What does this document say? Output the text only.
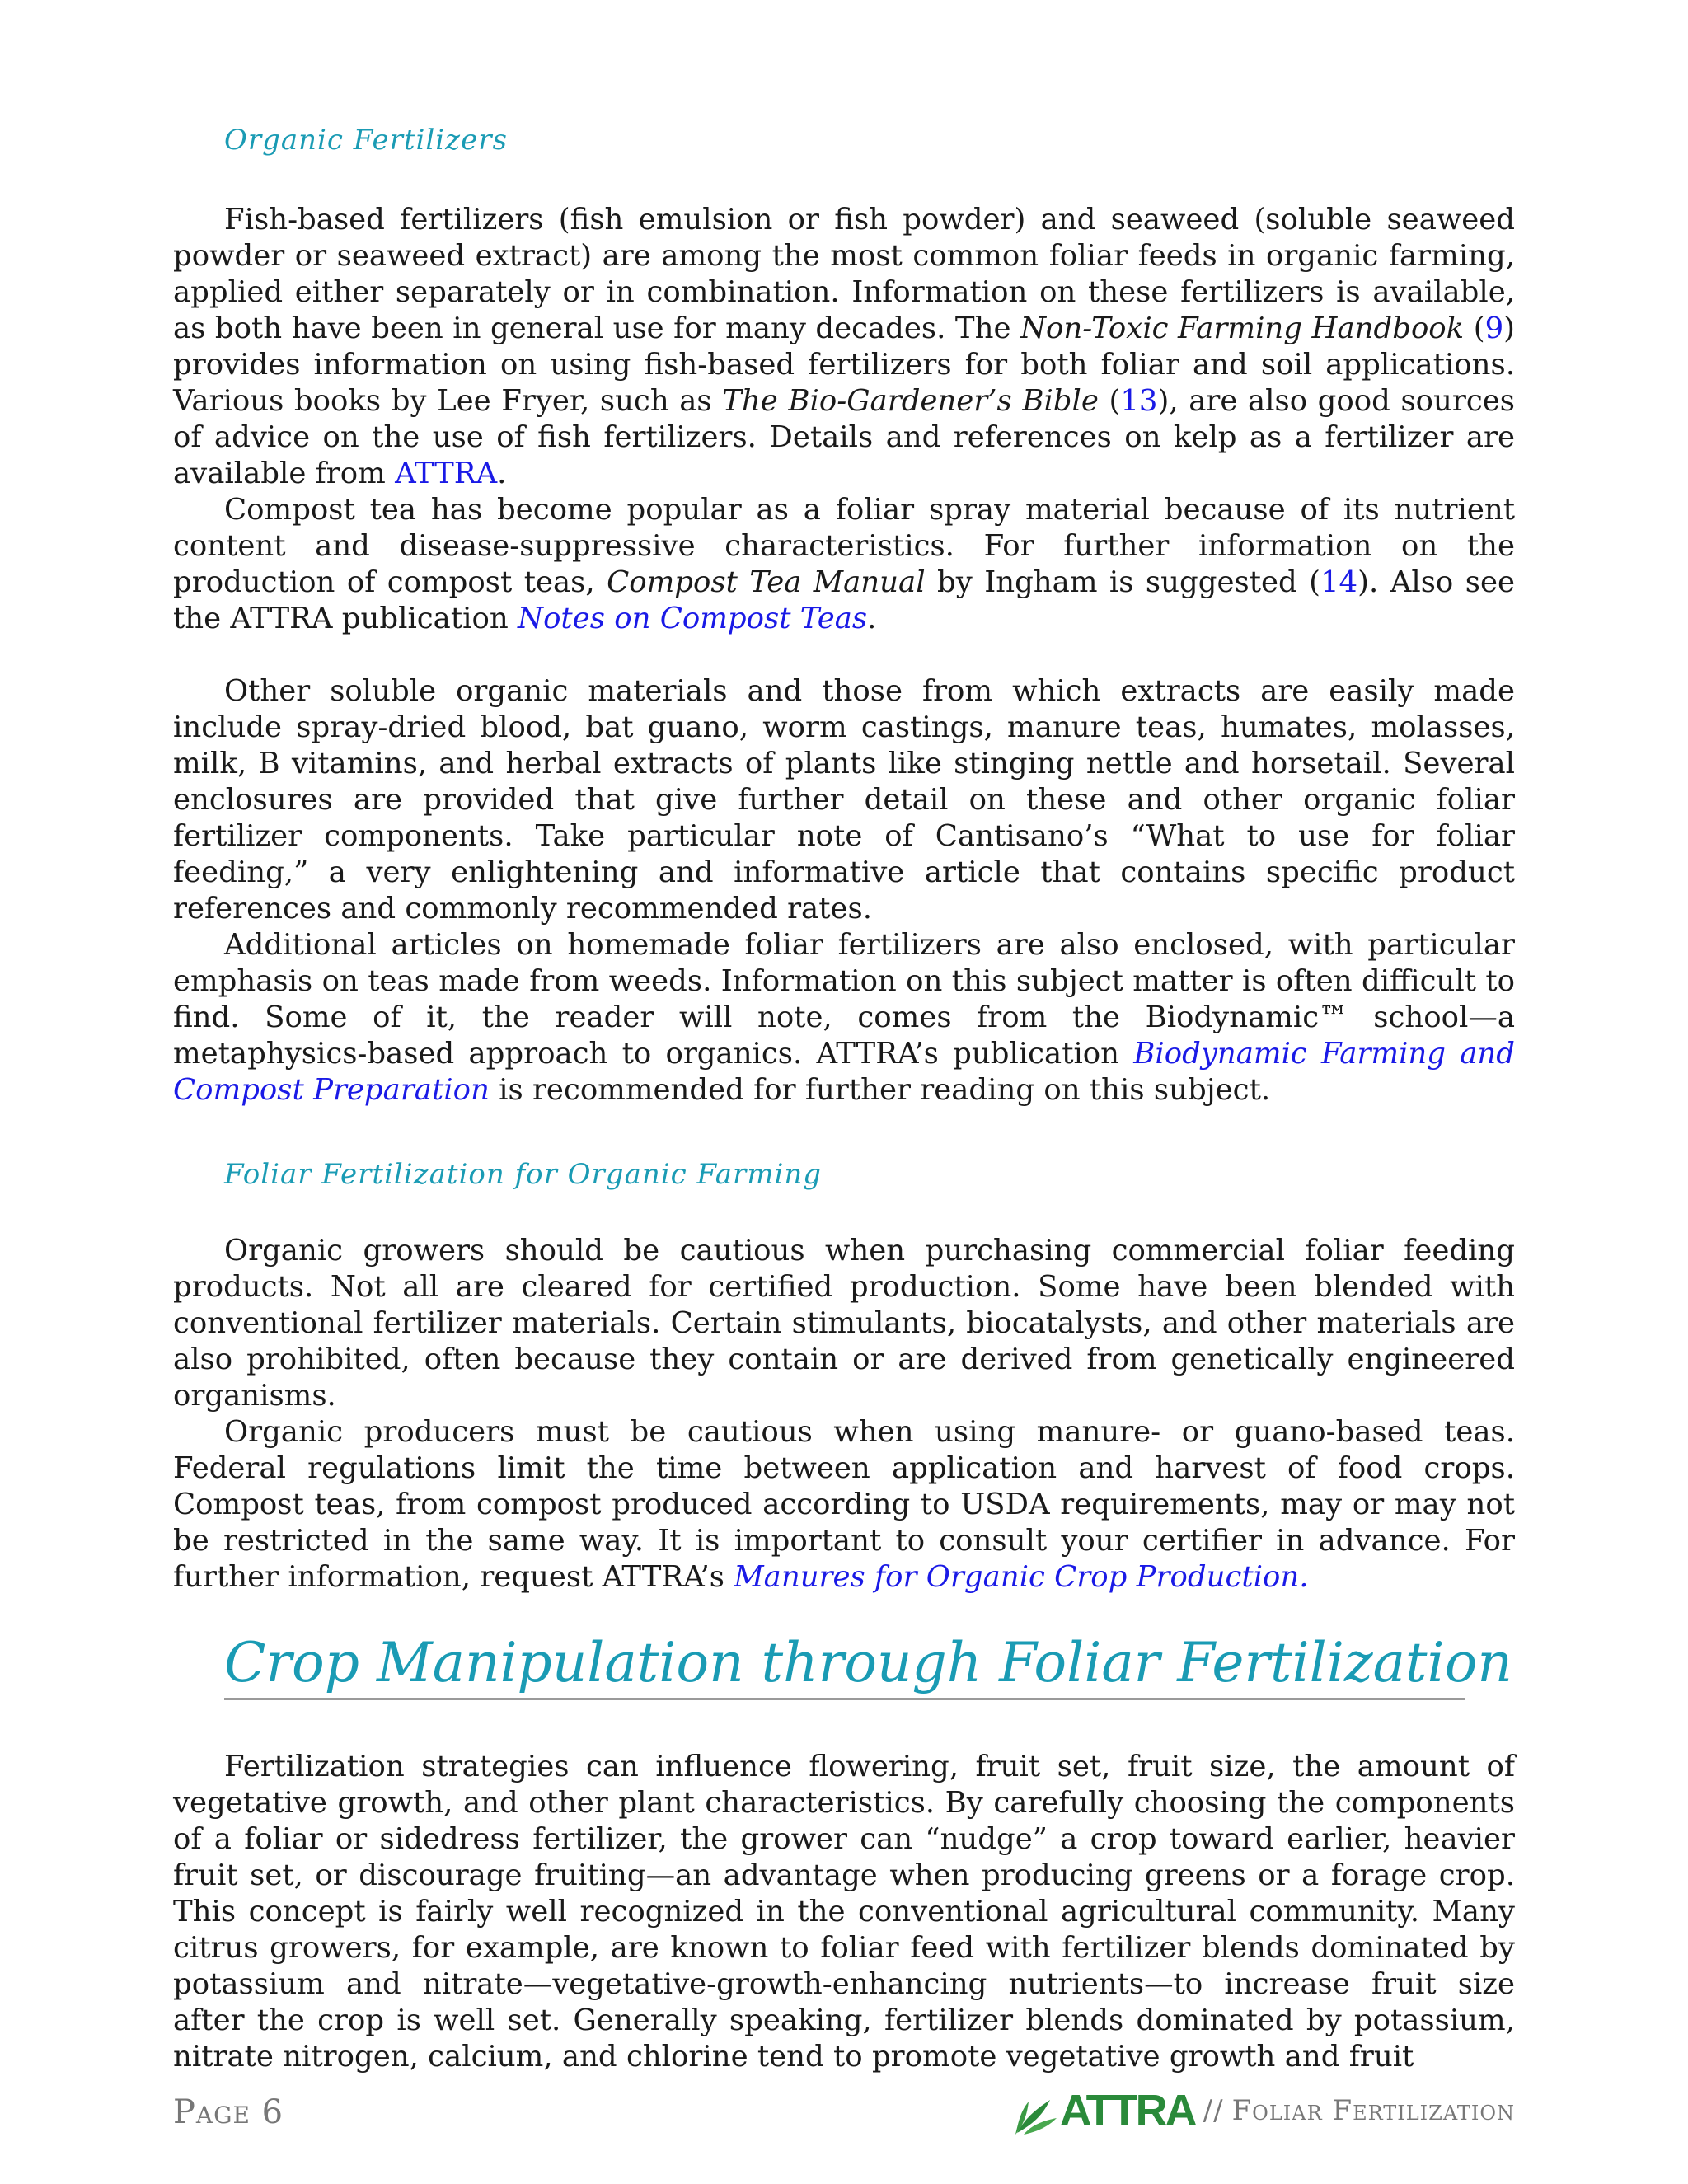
Organic Fertilizers

Fish-based fertilizers (fish emulsion or fish powder) and seaweed (soluble seaweed powder or seaweed extract) are among the most common foliar feeds in organic farming, applied either separately or in combination. Information on these fertilizers is available, as both have been in general use for many decades. The Non-Toxic Farming Handbook (9) provides information on using fish-based fertilizers for both foliar and soil applications. Various books by Lee Fryer, such as The Bio-Gardener’s Bible (13), are also good sources of advice on the use of fish fertilizers. Details and references on kelp as a fertilizer are available from ATTRA.

Compost tea has become popular as a foliar spray material because of its nutrient content and disease-suppressive characteristics. For further information on the production of compost teas, Compost Tea Manual by Ingham is suggested (14). Also see the ATTRA publication Notes on Compost Teas.

Other soluble organic materials and those from which extracts are easily made include spray-dried blood, bat guano, worm castings, manure teas, humates, molasses, milk, B vitamins, and herbal extracts of plants like stinging nettle and horsetail. Several enclosures are provided that give further detail on these and other organic foliar fertilizer components. Take particular note of Cantisano’s “What to use for foliar feeding,” a very enlightening and informative article that contains specific product references and commonly recommended rates.

Additional articles on homemade foliar fertilizers are also enclosed, with particular emphasis on teas made from weeds. Information on this subject matter is often difficult to find. Some of it, the reader will note, comes from the Biodynamic™ school—a metaphysics-based approach to organics. ATTRA’s publication Biodynamic Farming and Compost Preparation is recommended for further reading on this subject.

Foliar Fertilization for Organic Farming

Organic growers should be cautious when purchasing commercial foliar feeding products. Not all are cleared for certified production. Some have been blended with conventional fertilizer materials. Certain stimulants, biocatalysts, and other materials are also prohibited, often because they contain or are derived from genetically engineered organisms.

Organic producers must be cautious when using manure- or guano-based teas. Federal regulations limit the time between application and harvest of food crops. Compost teas, from compost produced according to USDA requirements, may or may not be restricted in the same way. It is important to consult your certifier in advance. For further information, request ATTRA’s Manures for Organic Crop Production.

Crop Manipulation through Foliar Fertilization

Fertilization strategies can influence flowering, fruit set, fruit size, the amount of vegetative growth, and other plant characteristics. By carefully choosing the components of a foliar or sidedress fertilizer, the grower can “nudge” a crop toward earlier, heavier fruit set, or discourage fruiting—an advantage when producing greens or a forage crop. This concept is fairly well recognized in the conventional agricultural community. Many citrus growers, for example, are known to foliar feed with fertilizer blends dominated by potassium and nitrate—vegetative-growth-enhancing nutrients—to increase fruit size after the crop is well set. Generally speaking, fertilizer blends dominated by potassium, nitrate nitrogen, calcium, and chlorine tend to promote vegetative growth and fruit

Page 6	ATTRA // Foliar Fertilization
